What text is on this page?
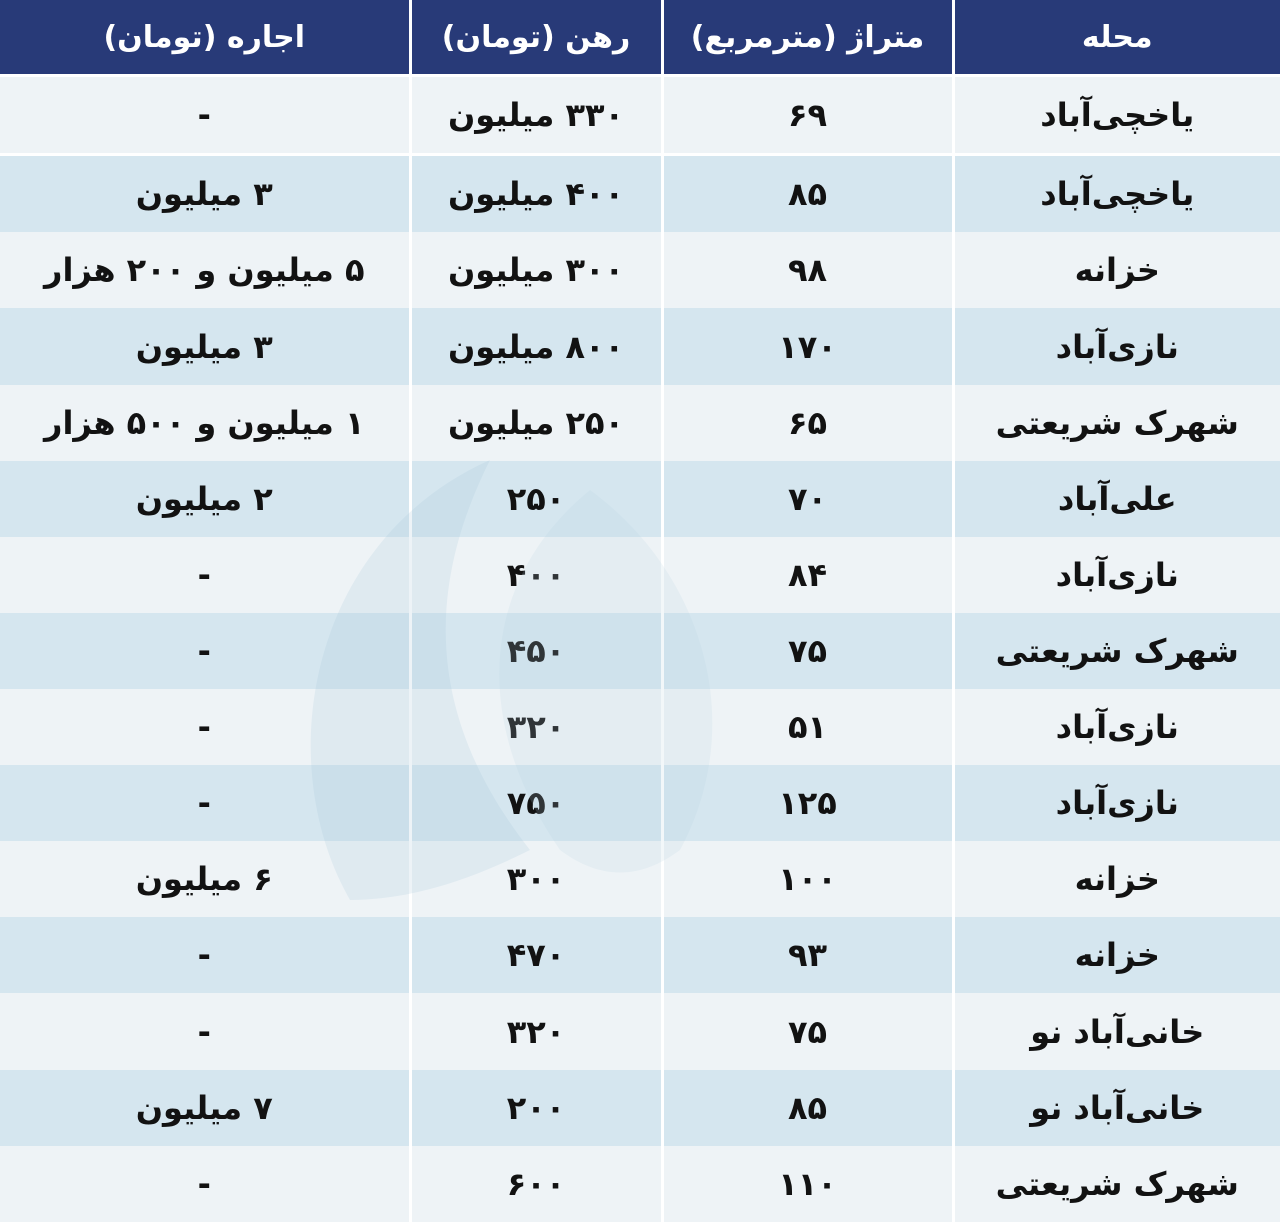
محله	متراژ (مترمربع)	رهن (تومان)	اجاره (تومان)
یاخچی‌آباد	۶۹	۳۳۰ میلیون	-
یاخچی‌آباد	۸۵	۴۰۰ میلیون	۳ میلیون
خزانه	۹۸	۳۰۰ میلیون	۵ میلیون و ۲۰۰ هزار
نازی‌آباد	۱۷۰	۸۰۰ میلیون	۳ میلیون
شهرک شریعتی	۶۵	۲۵۰ میلیون	۱ میلیون و ۵۰۰ هزار
علی‌آباد	۷۰	۲۵۰	۲ میلیون
نازی‌آباد	۸۴	۴۰۰	-
شهرک شریعتی	۷۵	۴۵۰	-
نازی‌آباد	۵۱	۳۲۰	-
نازی‌آباد	۱۲۵	۷۵۰	-
خزانه	۱۰۰	۳۰۰	۶ میلیون
خزانه	۹۳	۴۷۰	-
خانی‌آباد نو	۷۵	۳۲۰	-
خانی‌آباد نو	۸۵	۲۰۰	۷ میلیون
شهرک شریعتی	۱۱۰	۶۰۰	-
